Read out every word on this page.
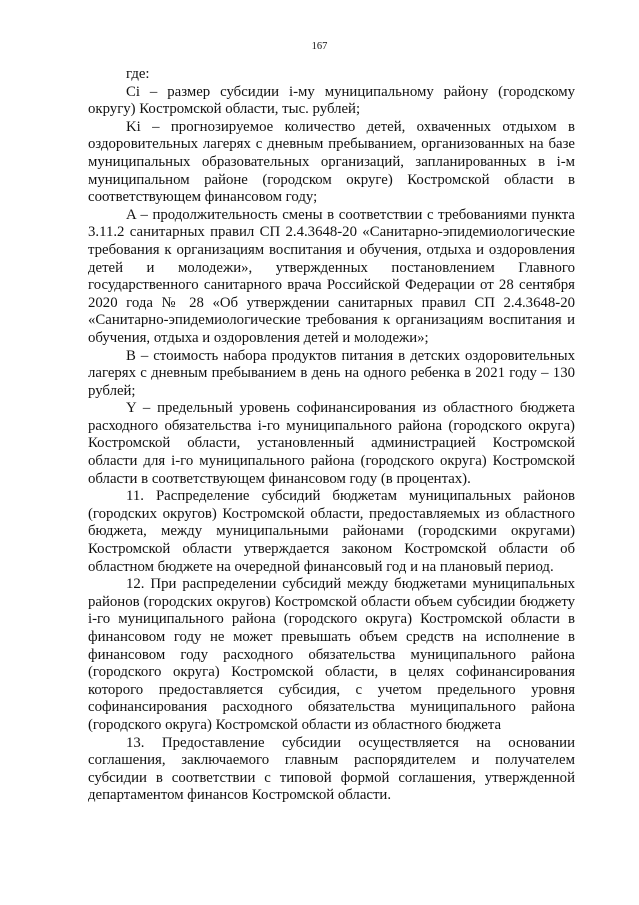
167

где:

Ci – размер субсидии i-му муниципальному району (городскому округу) Костромской области, тыс. рублей;

Ki – прогнозируемое количество детей, охваченных отдыхом в оздоровительных лагерях с дневным пребыванием, организованных на базе муниципальных образовательных организаций, запланированных в i-м муниципальном районе (городском округе) Костромской области в соответствующем финансовом году;

A – продолжительность смены в соответствии с требованиями пункта 3.11.2 санитарных правил СП 2.4.3648-20 «Санитарно-эпидемиологические требования к организациям воспитания и обучения, отдыха и оздоровления детей и молодежи», утвержденных постановлением Главного государственного санитарного врача Российской Федерации от 28 сентября 2020 года № 28 «Об утверждении санитарных правил СП 2.4.3648-20 «Санитарно-эпидемиологические требования к организациям воспитания и обучения, отдыха и оздоровления детей и молодежи»;

B – стоимость набора продуктов питания в детских оздоровительных лагерях с дневным пребыванием в день на одного ребенка в 2021 году – 130 рублей;

Y – предельный уровень софинансирования из областного бюджета расходного обязательства i-го муниципального района (городского округа) Костромской области, установленный администрацией Костромской области для i-го муниципального района (городского округа) Костромской области в соответствующем финансовом году (в процентах).

11. Распределение субсидий бюджетам муниципальных районов (городских округов) Костромской области, предоставляемых из областного бюджета, между муниципальными районами (городскими округами) Костромской области утверждается законом Костромской области об областном бюджете на очередной финансовый год и на плановый период.

12. При распределении субсидий между бюджетами муниципальных районов (городских округов) Костромской области объем субсидии бюджету i-го муниципального района (городского округа) Костромской области в финансовом году не может превышать объем средств на исполнение в финансовом году расходного обязательства муниципального района (городского округа) Костромской области, в целях софинансирования которого предоставляется субсидия, с учетом предельного уровня софинансирования расходного обязательства муниципального района (городского округа) Костромской области из областного бюджета

13. Предоставление субсидии осуществляется на основании соглашения, заключаемого главным распорядителем и получателем субсидии в соответствии с типовой формой соглашения, утвержденной департаментом финансов Костромской области.
